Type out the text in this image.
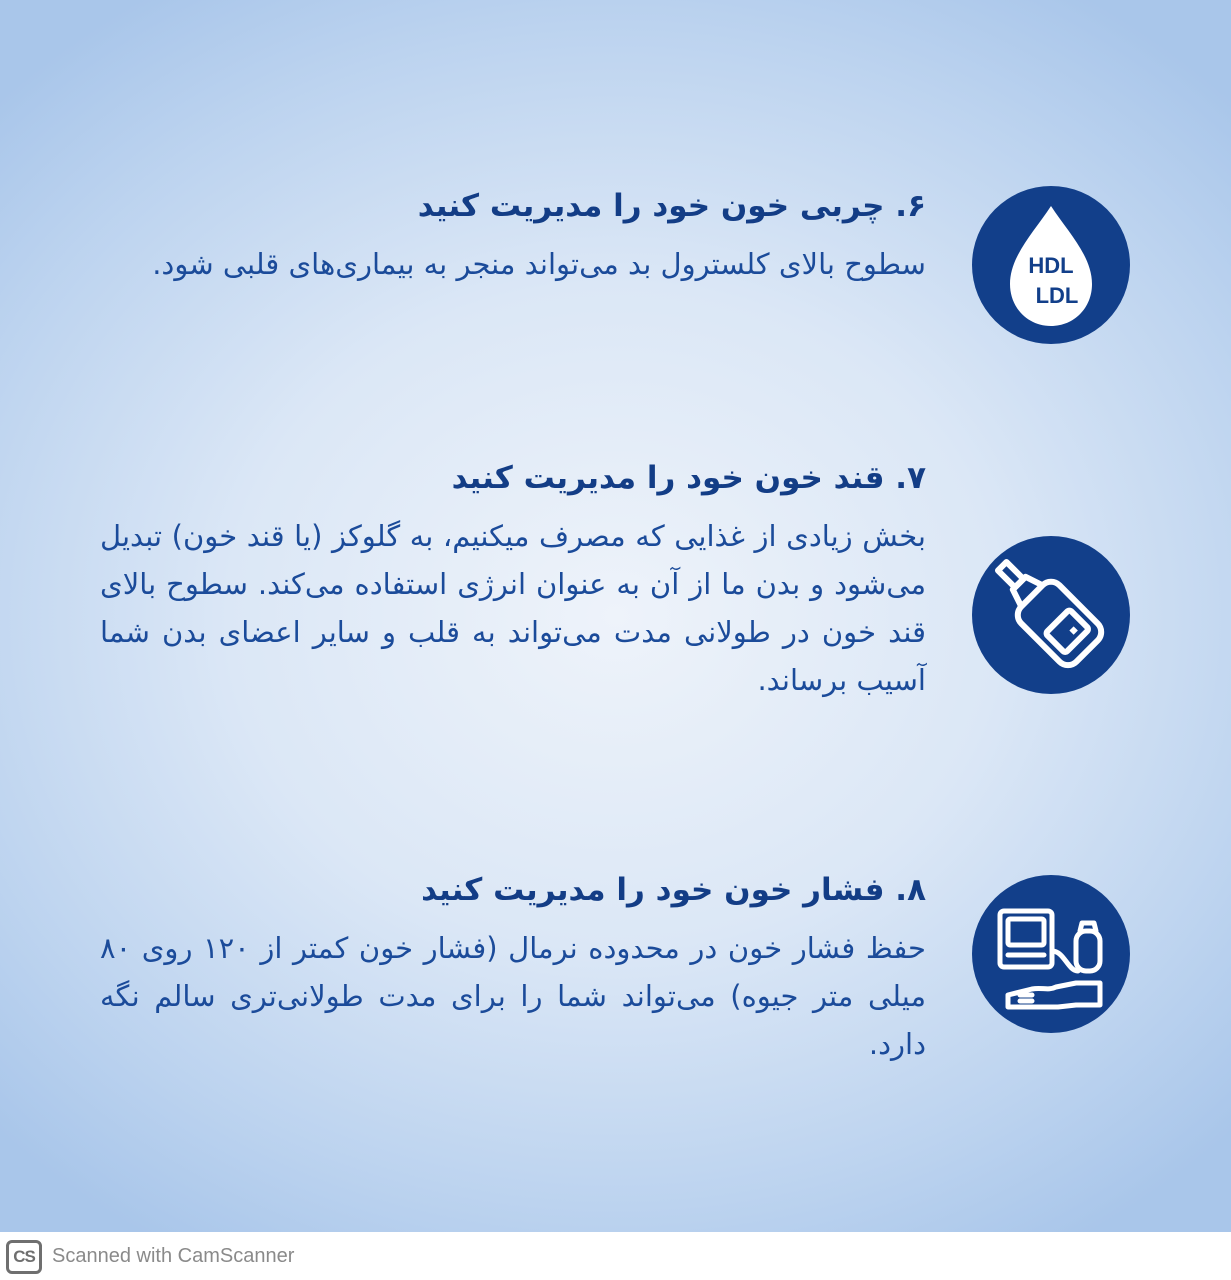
HDL
LDL
۶. چربی خون خود را مدیریت کنید

سطوح بالای کلسترول بد می‌تواند منجر به بیماری‌های قلبی شود.

۷. قند خون خود را مدیریت کنید

بخش زیادی از غذایی که مصرف میکنیم، به گلوکز (یا قند خون) تبدیل می‌شود و بدن ما از آن به عنوان انرژی استفاده می‌کند. سطوح بالای قند خون در طولانی مدت می‌تواند به قلب و سایر اعضای بدن شما آسیب برساند.

۸. فشار خون خود را مدیریت کنید

حفظ فشار خون در محدوده نرمال (فشار خون کمتر از ۱۲۰ روی ۸۰ میلی متر جیوه) می‌تواند شما را برای مدت طولانی‌تری سالم نگه دارد.

CS Scanned with CamScanner
